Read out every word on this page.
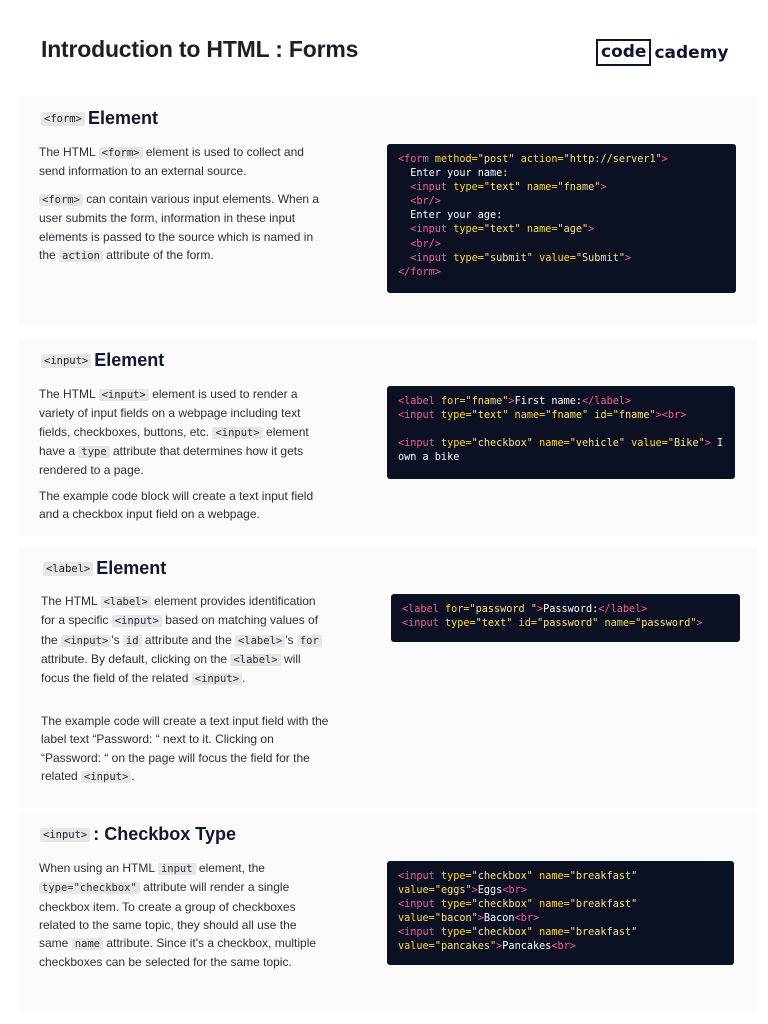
Introduction to HTML : Forms	code cademy
<form> Element

The HTML <form> element is used to collect and send information to an external source.

<form> can contain various input elements. When a user submits the form, information in these input elements is passed to the source which is named in the action attribute of the form.

<form method="post" action="http://server1">
Enter your name:
<input type="text" name="fname">
<br/>
Enter your age:
<input type="text" name="age">
<br/>
<input type="submit" value="Submit">
</form>
<input> Element

The HTML <input> element is used to render a variety of input fields on a webpage including text fields, checkboxes, buttons, etc. <input> element have a type attribute that determines how it gets rendered to a page.

The example code block will create a text input field and a checkbox input field on a webpage.

<label for="fname">First name:</label>
<input type="text" name="fname" id="fname"><br>
<input type="checkbox" name="vehicle" value="Bike"> I
own a bike
<label> Element

The HTML <label> element provides identification for a specific <input> based on matching values of the <input> 's id attribute and the <label> 's for attribute. By default, clicking on the <label> will focus the field of the related <input> .

The example code will create a text input field with the label text “Password: “ next to it. Clicking on “Password: “ on the page will focus the field for the related <input> .

<label for="password ">Password:</label>
<input type="text" id="password" name="password">
<input> : Checkbox Type

When using an HTML input element, the type="checkbox" attribute will render a single checkbox item. To create a group of checkboxes related to the same topic, they should all use the same name attribute. Since it's a checkbox, multiple checkboxes can be selected for the same topic.

<input type="checkbox" name="breakfast"
value="eggs">Eggs<br>
<input type="checkbox" name="breakfast"
value="bacon">Bacon<br>
<input type="checkbox" name="breakfast"
value="pancakes">Pancakes<br>
